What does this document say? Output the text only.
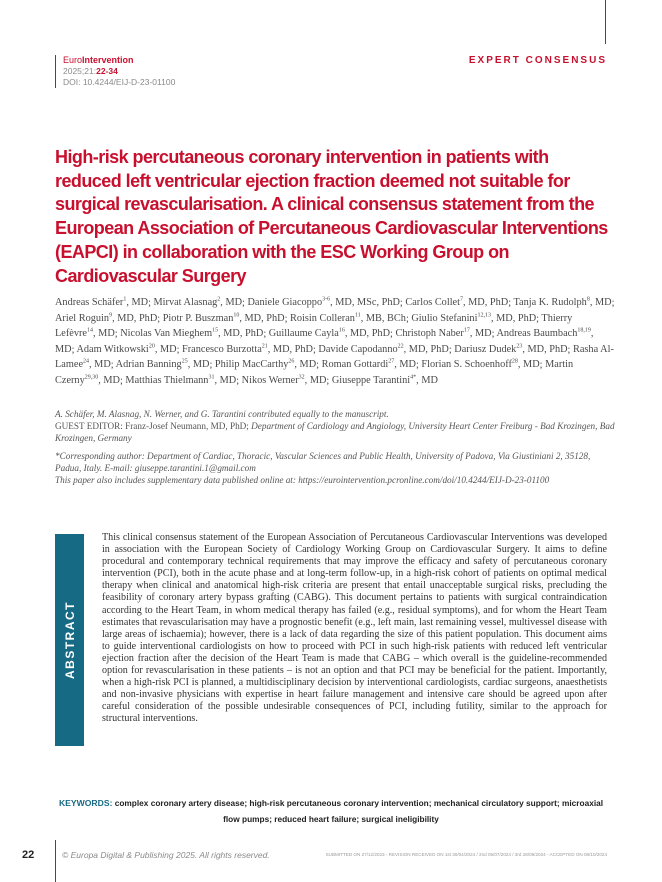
EuroIntervention
2025;21:22-34
DOI: 10.4244/EIJ-D-23-01100
EXPERT CONSENSUS
High-risk percutaneous coronary intervention in patients with reduced left ventricular ejection fraction deemed not suitable for surgical revascularisation. A clinical consensus statement from the European Association of Percutaneous Cardiovascular Interventions (EAPCI) in collaboration with the ESC Working Group on Cardiovascular Surgery
Andreas Schäfer$^1$, MD; Mirvat Alasnag$^2$, MD; Daniele Giacoppo$^{3-6}$, MD, MSc, PhD; Carlos Collet$^7$, MD, PhD; Tanja K. Rudolph$^8$, MD; Ariel Roguin$^9$, MD, PhD; Piotr P. Buszman$^{10}$, MD, PhD; Roisin Colleran$^{11}$, MB, BCh; Giulio Stefanini$^{12,13}$, MD, PhD; Thierry Lefèvre$^{14}$, MD; Nicolas Van Mieghem$^{15}$, MD, PhD; Guillaume Cayla$^{16}$, MD, PhD; Christoph Naber$^{17}$, MD; Andreas Baumbach$^{18,19}$, MD; Adam Witkowski$^{20}$, MD; Francesco Burzotta$^{21}$, MD, PhD; Davide Capodanno$^{22}$, MD, PhD; Dariusz Dudek$^{23}$, MD, PhD; Rasha Al-Lamee$^{24}$, MD; Adrian Banning$^{25}$, MD; Philip MacCarthy$^{26}$, MD; Roman Gottardi$^{27}$, MD; Florian S. Schoenhoff$^{28}$, MD; Martin Czerny$^{29,30}$, MD; Matthias Thielmann$^{31}$, MD; Nikos Werner$^{32}$, MD; Giuseppe Tarantini$^{4*}$, MD

A. Schäfer, M. Alasnag, N. Werner, and G. Tarantini contributed equally to the manuscript.

GUEST EDITOR: Franz-Josef Neumann, MD, PhD; Department of Cardiology and Angiology, University Heart Center Freiburg - Bad Krozingen, Bad Krozingen, Germany

*Corresponding author: Department of Cardiac, Thoracic, Vascular Sciences and Public Health, University of Padova, Via Giustiniani 2, 35128, Padua, Italy. E-mail: giuseppe.tarantini.1@gmail.com

This paper also includes supplementary data published online at: https://eurointervention.pcronline.com/doi/10.4244/EIJ-D-23-01100

ABSTRACT

This clinical consensus statement of the European Association of Percutaneous Cardiovascular Interventions was developed in association with the European Society of Cardiology Working Group on Cardiovascular Surgery. It aims to define procedural and contemporary technical requirements that may improve the efficacy and safety of percutaneous coronary intervention (PCI), both in the acute phase and at long-term follow-up, in a high-risk cohort of patients on optimal medical therapy when clinical and anatomical high-risk criteria are present that entail unacceptable surgical risks, precluding the feasibility of coronary artery bypass grafting (CABG). This document pertains to patients with surgical contraindication according to the Heart Team, in whom medical therapy has failed (e.g., residual symptoms), and for whom the Heart Team estimates that revascularisation may have a prognostic benefit (e.g., left main, last remaining vessel, multivessel disease with large areas of ischaemia); however, there is a lack of data regarding the size of this patient population. This document aims to guide interventional cardiologists on how to proceed with PCI in such high-risk patients with reduced left ventricular ejection fraction after the decision of the Heart Team is made that CABG – which overall is the guideline-recommended option for revascularisation in these patients – is not an option and that PCI may be beneficial for the patient. Importantly, when a high-risk PCI is planned, a multidisciplinary decision by interventional cardiologists, cardiac surgeons, anaesthetists and non-invasive physicians with expertise in heart failure management and intensive care should be agreed upon after careful consideration of the possible undesirable consequences of PCI, including futility, similar to the approach for structural interventions.

KEYWORDS: complex coronary artery disease; high-risk percutaneous coronary intervention; mechanical circulatory support; microaxial flow pumps; reduced heart failure; surgical ineligibility
22	© Europa Digital & Publishing 2025. All rights reserved.	SUBMITTED ON 27/12/2023 - REVISION RECEIVED ON 1st 30/04/2024 / 2nd 05/07/2024 / 3rd 28/09/2024 - ACCEPTED ON 08/10/2024
